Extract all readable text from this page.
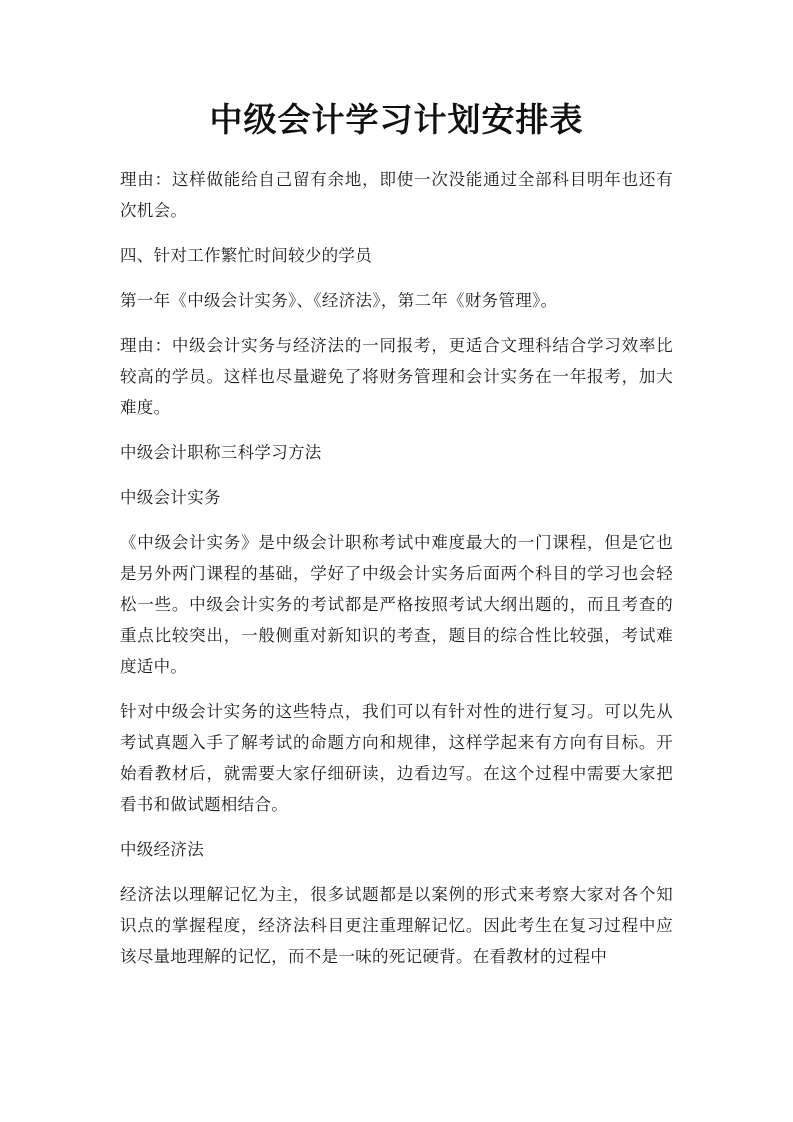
中级会计学习计划安排表

理由：这样做能给自己留有余地，即使一次没能通过全部科目明年也还有次机会。

四、针对工作繁忙时间较少的学员

第一年《中级会计实务》、《经济法》，第二年《财务管理》。

理由：中级会计实务与经济法的一同报考，更适合文理科结合学习效率比较高的学员。这样也尽量避免了将财务管理和会计实务在一年报考，加大难度。

中级会计职称三科学习方法

中级会计实务

《中级会计实务》是中级会计职称考试中难度最大的一门课程，但是它也是另外两门课程的基础，学好了中级会计实务后面两个科目的学习也会轻松一些。中级会计实务的考试都是严格按照考试大纲出题的，而且考查的重点比较突出，一般侧重对新知识的考查，题目的综合性比较强，考试难度适中。

针对中级会计实务的这些特点，我们可以有针对性的进行复习。可以先从考试真题入手了解考试的命题方向和规律，这样学起来有方向有目标。开始看教材后，就需要大家仔细研读，边看边写。在这个过程中需要大家把看书和做试题相结合。

中级经济法

经济法以理解记忆为主，很多试题都是以案例的形式来考察大家对各个知识点的掌握程度，经济法科目更注重理解记忆。因此考生在复习过程中应该尽量地理解的记忆，而不是一味的死记硬背。在看教材的过程中
